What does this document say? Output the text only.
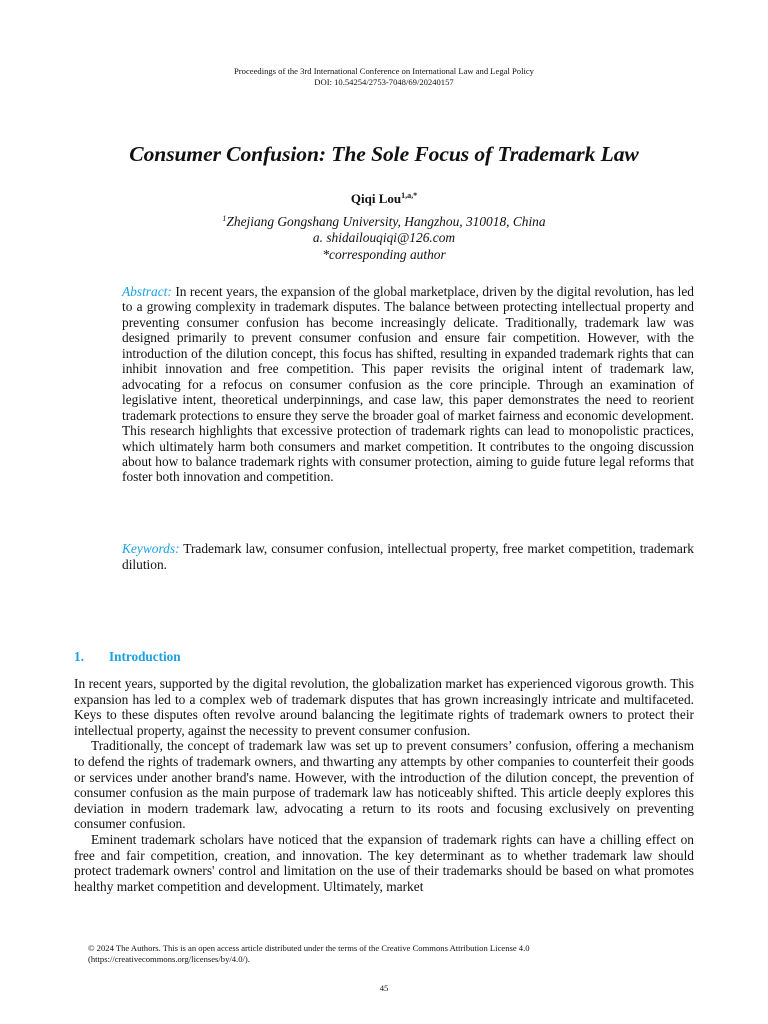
Proceedings of the 3rd International Conference on International Law and Legal Policy
DOI: 10.54254/2753-7048/69/20240157
Consumer Confusion: The Sole Focus of Trademark Law
Qiqi Lou$^{1,a,*}$
$^1$Zhejiang Gongshang University, Hangzhou, 310018, China
a. shidailouqiqi@126.com
*corresponding author
Abstract: In recent years, the expansion of the global marketplace, driven by the digital revolution, has led to a growing complexity in trademark disputes. The balance between protecting intellectual property and preventing consumer confusion has become increasingly delicate. Traditionally, trademark law was designed primarily to prevent consumer confusion and ensure fair competition. However, with the introduction of the dilution concept, this focus has shifted, resulting in expanded trademark rights that can inhibit innovation and free competition. This paper revisits the original intent of trademark law, advocating for a refocus on consumer confusion as the core principle. Through an examination of legislative intent, theoretical underpinnings, and case law, this paper demonstrates the need to reorient trademark protections to ensure they serve the broader goal of market fairness and economic development. This research highlights that excessive protection of trademark rights can lead to monopolistic practices, which ultimately harm both consumers and market competition. It contributes to the ongoing discussion about how to balance trademark rights with consumer protection, aiming to guide future legal reforms that foster both innovation and competition.
Keywords: Trademark law, consumer confusion, intellectual property, free market competition, trademark dilution.
1. Introduction

In recent years, supported by the digital revolution, the globalization market has experienced vigorous growth. This expansion has led to a complex web of trademark disputes that has grown increasingly intricate and multifaceted. Keys to these disputes often revolve around balancing the legitimate rights of trademark owners to protect their intellectual property, against the necessity to prevent consumer confusion.

Traditionally, the concept of trademark law was set up to prevent consumers’ confusion, offering a mechanism to defend the rights of trademark owners, and thwarting any attempts by other companies to counterfeit their goods or services under another brand's name. However, with the introduction of the dilution concept, the prevention of consumer confusion as the main purpose of trademark law has noticeably shifted. This article deeply explores this deviation in modern trademark law, advocating a return to its roots and focusing exclusively on preventing consumer confusion.

Eminent trademark scholars have noticed that the expansion of trademark rights can have a chilling effect on free and fair competition, creation, and innovation. The key determinant as to whether trademark law should protect trademark owners' control and limitation on the use of their trademarks should be based on what promotes healthy market competition and development. Ultimately, market

© 2024 The Authors. This is an open access article distributed under the terms of the Creative Commons Attribution License 4.0
(https://creativecommons.org/licenses/by/4.0/).
45
